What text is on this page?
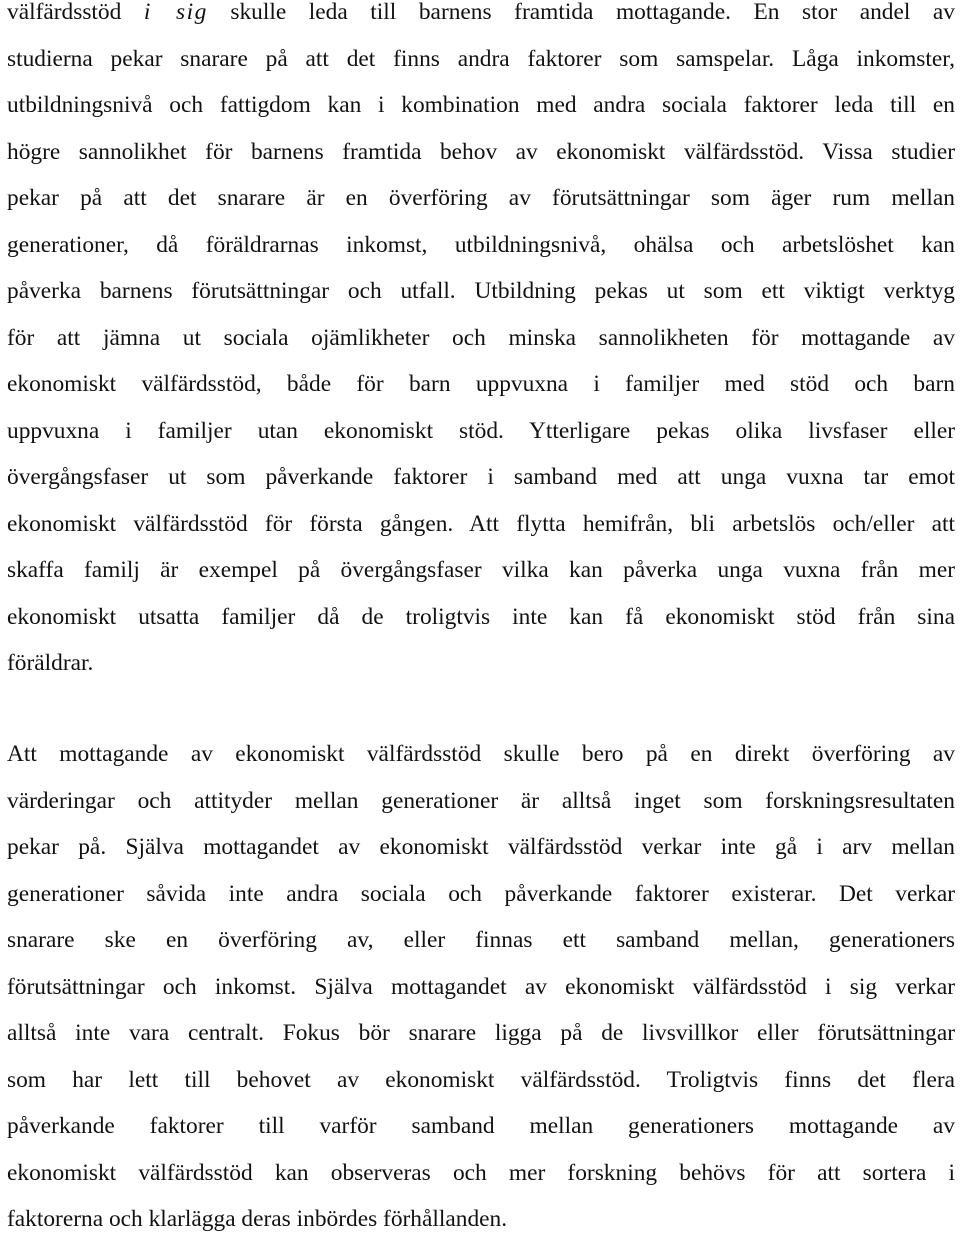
välfärdsstöd i sig skulle leda till barnens framtida mottagande. En stor andel av
studierna pekar snarare på att det finns andra faktorer som samspelar. Låga inkomster,
utbildningsnivå och fattigdom kan i kombination med andra sociala faktorer leda till en
högre sannolikhet för barnens framtida behov av ekonomiskt välfärdsstöd. Vissa studier
pekar på att det snarare är en överföring av förutsättningar som äger rum mellan
generationer, då föräldrarnas inkomst, utbildningsnivå, ohälsa och arbetslöshet kan
påverka barnens förutsättningar och utfall. Utbildning pekas ut som ett viktigt verktyg
för att jämna ut sociala ojämlikheter och minska sannolikheten för mottagande av
ekonomiskt välfärdsstöd, både för barn uppvuxna i familjer med stöd och barn
uppvuxna i familjer utan ekonomiskt stöd. Ytterligare pekas olika livsfaser eller
övergångsfaser ut som påverkande faktorer i samband med att unga vuxna tar emot
ekonomiskt välfärdsstöd för första gången. Att flytta hemifrån, bli arbetslös och/eller att
skaffa familj är exempel på övergångsfaser vilka kan påverka unga vuxna från mer
ekonomiskt utsatta familjer då de troligtvis inte kan få ekonomiskt stöd från sina
föräldrar.
Att mottagande av ekonomiskt välfärdsstöd skulle bero på en direkt överföring av
värderingar och attityder mellan generationer är alltså inget som forskningsresultaten
pekar på. Själva mottagandet av ekonomiskt välfärdsstöd verkar inte gå i arv mellan
generationer såvida inte andra sociala och påverkande faktorer existerar. Det verkar
snarare ske en överföring av, eller finnas ett samband mellan, generationers
förutsättningar och inkomst. Själva mottagandet av ekonomiskt välfärdsstöd i sig verkar
alltså inte vara centralt. Fokus bör snarare ligga på de livsvillkor eller förutsättningar
som har lett till behovet av ekonomiskt välfärdsstöd. Troligtvis finns det flera
påverkande faktorer till varför samband mellan generationers mottagande av
ekonomiskt välfärdsstöd kan observeras och mer forskning behövs för att sortera i
faktorerna och klarlägga deras inbördes förhållanden.
